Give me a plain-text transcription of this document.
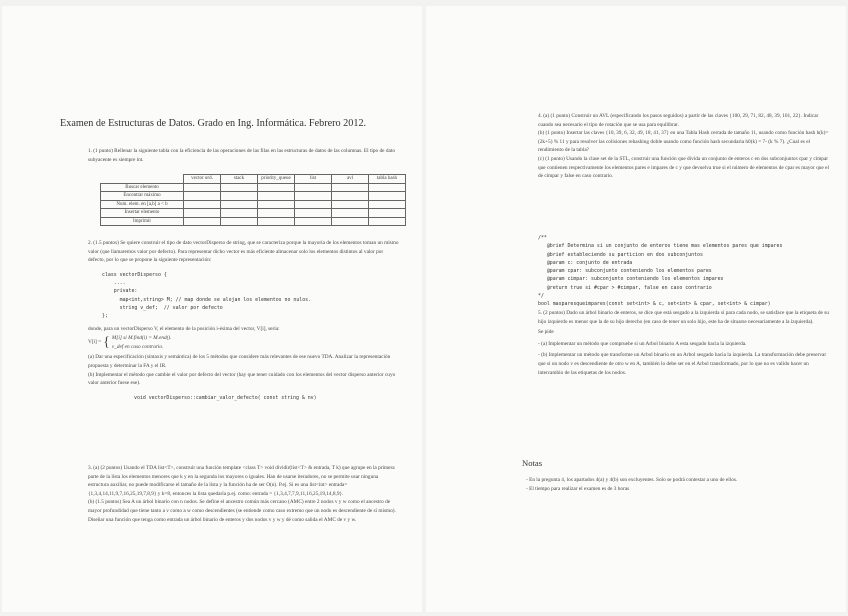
Examen de Estructuras de Datos. Grado en Ing. Informática. Febrero 2012.

1. (1 punto) Rellenar la siguiente tabla con la eficiencia de las operaciones de las filas en las estructuras de datos de las columnas. El tipo de dato subyacente es siempre int.

	vector ord.	stack	priority_queue	list	avl	tabla hash
Buscar elemento						
Encontrar máximo						
Num. elem. en [a,b] a < b						
Insertar elemento						
Imprimir						

2. (1.5 puntos) Se quiere construir el tipo de dato vectorDisperso de string, que se caracteriza porque la mayoría de los elementos toman un mismo valor (que llamaremos valor por defecto). Para representar dicho vector es más eficiente almacenar solo los elementos distintos al valor por defecto, por lo que se propone la siguiente representación:

class vectorDisperso {
....
private:
map<int,string> M; // map donde se alojan los elementos no nulos.
string v_def;  // valor por defecto
};

donde, para un vectorDisperso V, el elemento de la posición i-ésima del vector, V[i], sería:

V[i] = { M[i] si M.find(i) = M.end().
v_def en caso contrario.

(a) Dar una especificación (sintaxis y semántica) de los 5 métodos que considere más relevantes de ese nuevo TDA. Analizar la representación propuesta y determinar la FA y el IR.

(b) Implementar el método que cambie el valor por defecto del vector (hay que tener cuidado con los elementos del vector disperso anterior cuyo valor anterior fuese ese).

void vectorDisperso::cambiar_valor_defecto( const string & nv)

3. (a) (2 puntos) Usando el TDA list<T>, construir una función template <class T> void dividir(list<T> & entrada, T k) que agrupe en la primera parte de la lista los elementos menores que k y en la segunda los mayores o iguales. Han de usarse iteradores, no se permite usar ninguna estructura auxiliar, no puede modificarse el tamaño de la lista y la función ha de ser O(n). P.ej. Si es una list<int> entrada={1,3,4,14,11,9,7,16,25,19,7,8,9} y k=8, entonces la lista quedaría p.ej. como: entrada = {1,3,4,7,7,9,11,16,25,19,14,8,9}.

(b) (1.5 puntos) Sea A un árbol binario con n nodos. Se define el ancestro común más cercano (AMC) entre 2 nodos v y w como el ancestro de mayor profundidad que tiene tanto a v como a w como descendientes (se entiende como caso extremo que un nodo es descendiente de sí mismo). Diseñar una función que tenga como entrada un árbol binario de enteros y dos nodos v y w y dé como salida el AMC de v y w.

4. (a) (1 punto) Construir un AVL (especificando los pasos seguidos) a partir de las claves {100, 29, 71, 82, 48, 39, 101, 22}. Indicar cuando sea necesario el tipo de rotación que se usa para equilibrar.

(b) (1 punto) Insertar las claves {10, 39, 6, 32, 49, 18, 41, 37} en una Tabla Hash cerrada de tamaño 11, usando como función hash h(k)=(2k+5) % 11 y para resolver las colisiones rehashing doble usando como función hash secundaria h0(k) = 7- (k % 7). ¿Cual es el rendimiento de la tabla?

(c) (1 punto) Usando la clase set de la STL, construir una función que divida un conjunto de enteros c en dos subconjuntos cpar y cimpar que contienen respectivamente los elementos pares e impares de c y que devuelva true si el número de elementos de cpar es mayor que el de cimpar y false en caso contrario.

/**
@brief Determina si un conjunto de enteros tiene mas elementos pares que impares
@brief estableciendo su particion en dos subconjuntos
@param c: conjunto de entrada
@param cpar: subconjunto conteniendo los elementos pares
@param cimpar: subconjunto conteniendo los elementos impares
@return true si #cpar > #cimpar, false en caso contrario
*/
bool masparesqueimpares(const set<int> & c, set<int> & cpar, set<int> & cimpar)

5. (2 puntos) Dado un árbol binario de enteros, se dice que está sesgado a la izquierda si para cada nodo, se satisface que la etiqueta de su hijo izquierdo es menor que la de su hijo derecho (en caso de tener un solo hijo, este ha de situarse necesariamente a la izquierda).

Se pide

- (a) Implementar un método que compruebe si un Arbol binario A esta sesgado hacia la izquierda.

- (b) Implementar un método que transforme un Arbol binario en un Arbol sesgado hacia la izquierda. La transformación debe preservar que si un nodo v es descendiente de otro w en A, también lo debe ser en el Arbol transformado, por lo que no es valido hacer un intercambio de las etiquetas de los nodos.

Notas

- En la pregunta 4, los apartados 4(a) y 4(b) son excluyentes. Solo se podrá contestar a uno de ellos.

- El tiempo para realizar el examen es de 3 horas
